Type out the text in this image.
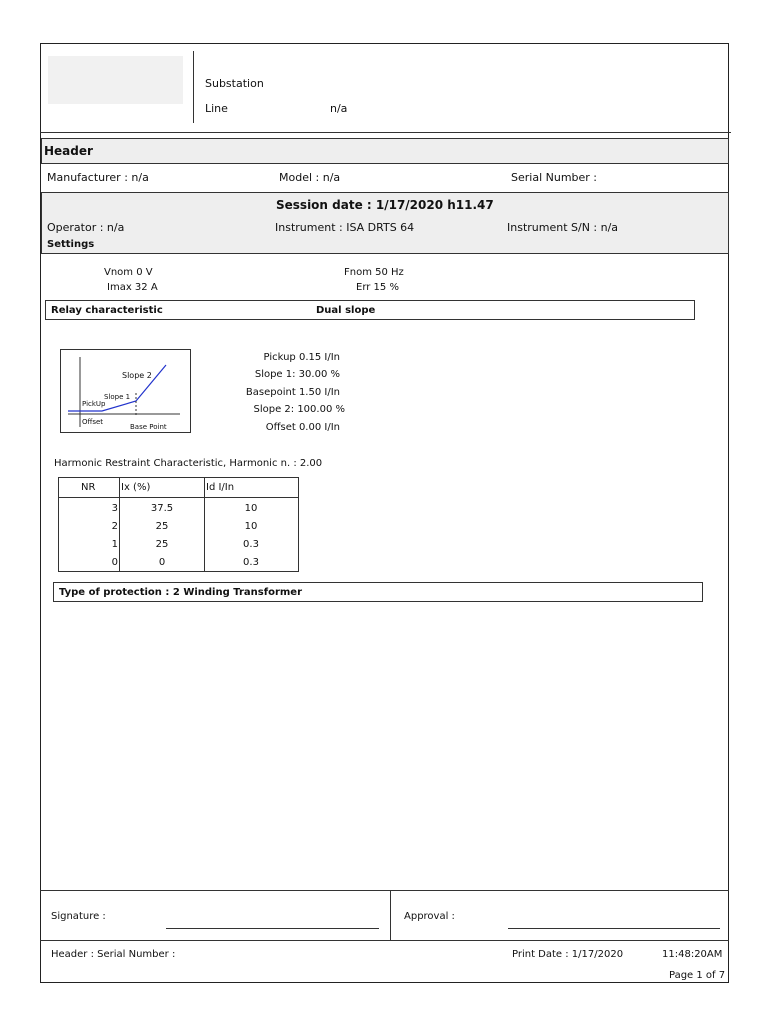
Substation
Line	n/a
Header
Manufacturer : n/a	Model : n/a	Serial Number :
Session date : 1/17/2020 h11.47
Operator : n/a	Instrument : ISA DRTS 64	Instrument S/N : n/a
Settings
Vnom 0 V
Imax 32 A
Fnom 50 Hz
Err 15 %
Relay characteristic	Dual slope
Slope 2
Slope 1
PickUp
Offset
Base Point
Pickup 0.15 I/In
Slope 1: 30.00 %
Basepoint 1.50 I/In
Slope 2: 100.00 %
Offset 0.00 I/In
Harmonic Restraint Characteristic, Harmonic n. : 2.00
NR	Ix (%)	Id I/In
3	37.5	10
2	25	10
1	25	0.3
0	0	0.3
Type of protection : 2 Winding Transformer
Signature :	Approval :
Header : Serial Number :	Print Date : 1/17/2020	11:48:20AM
Page 1 of 7
